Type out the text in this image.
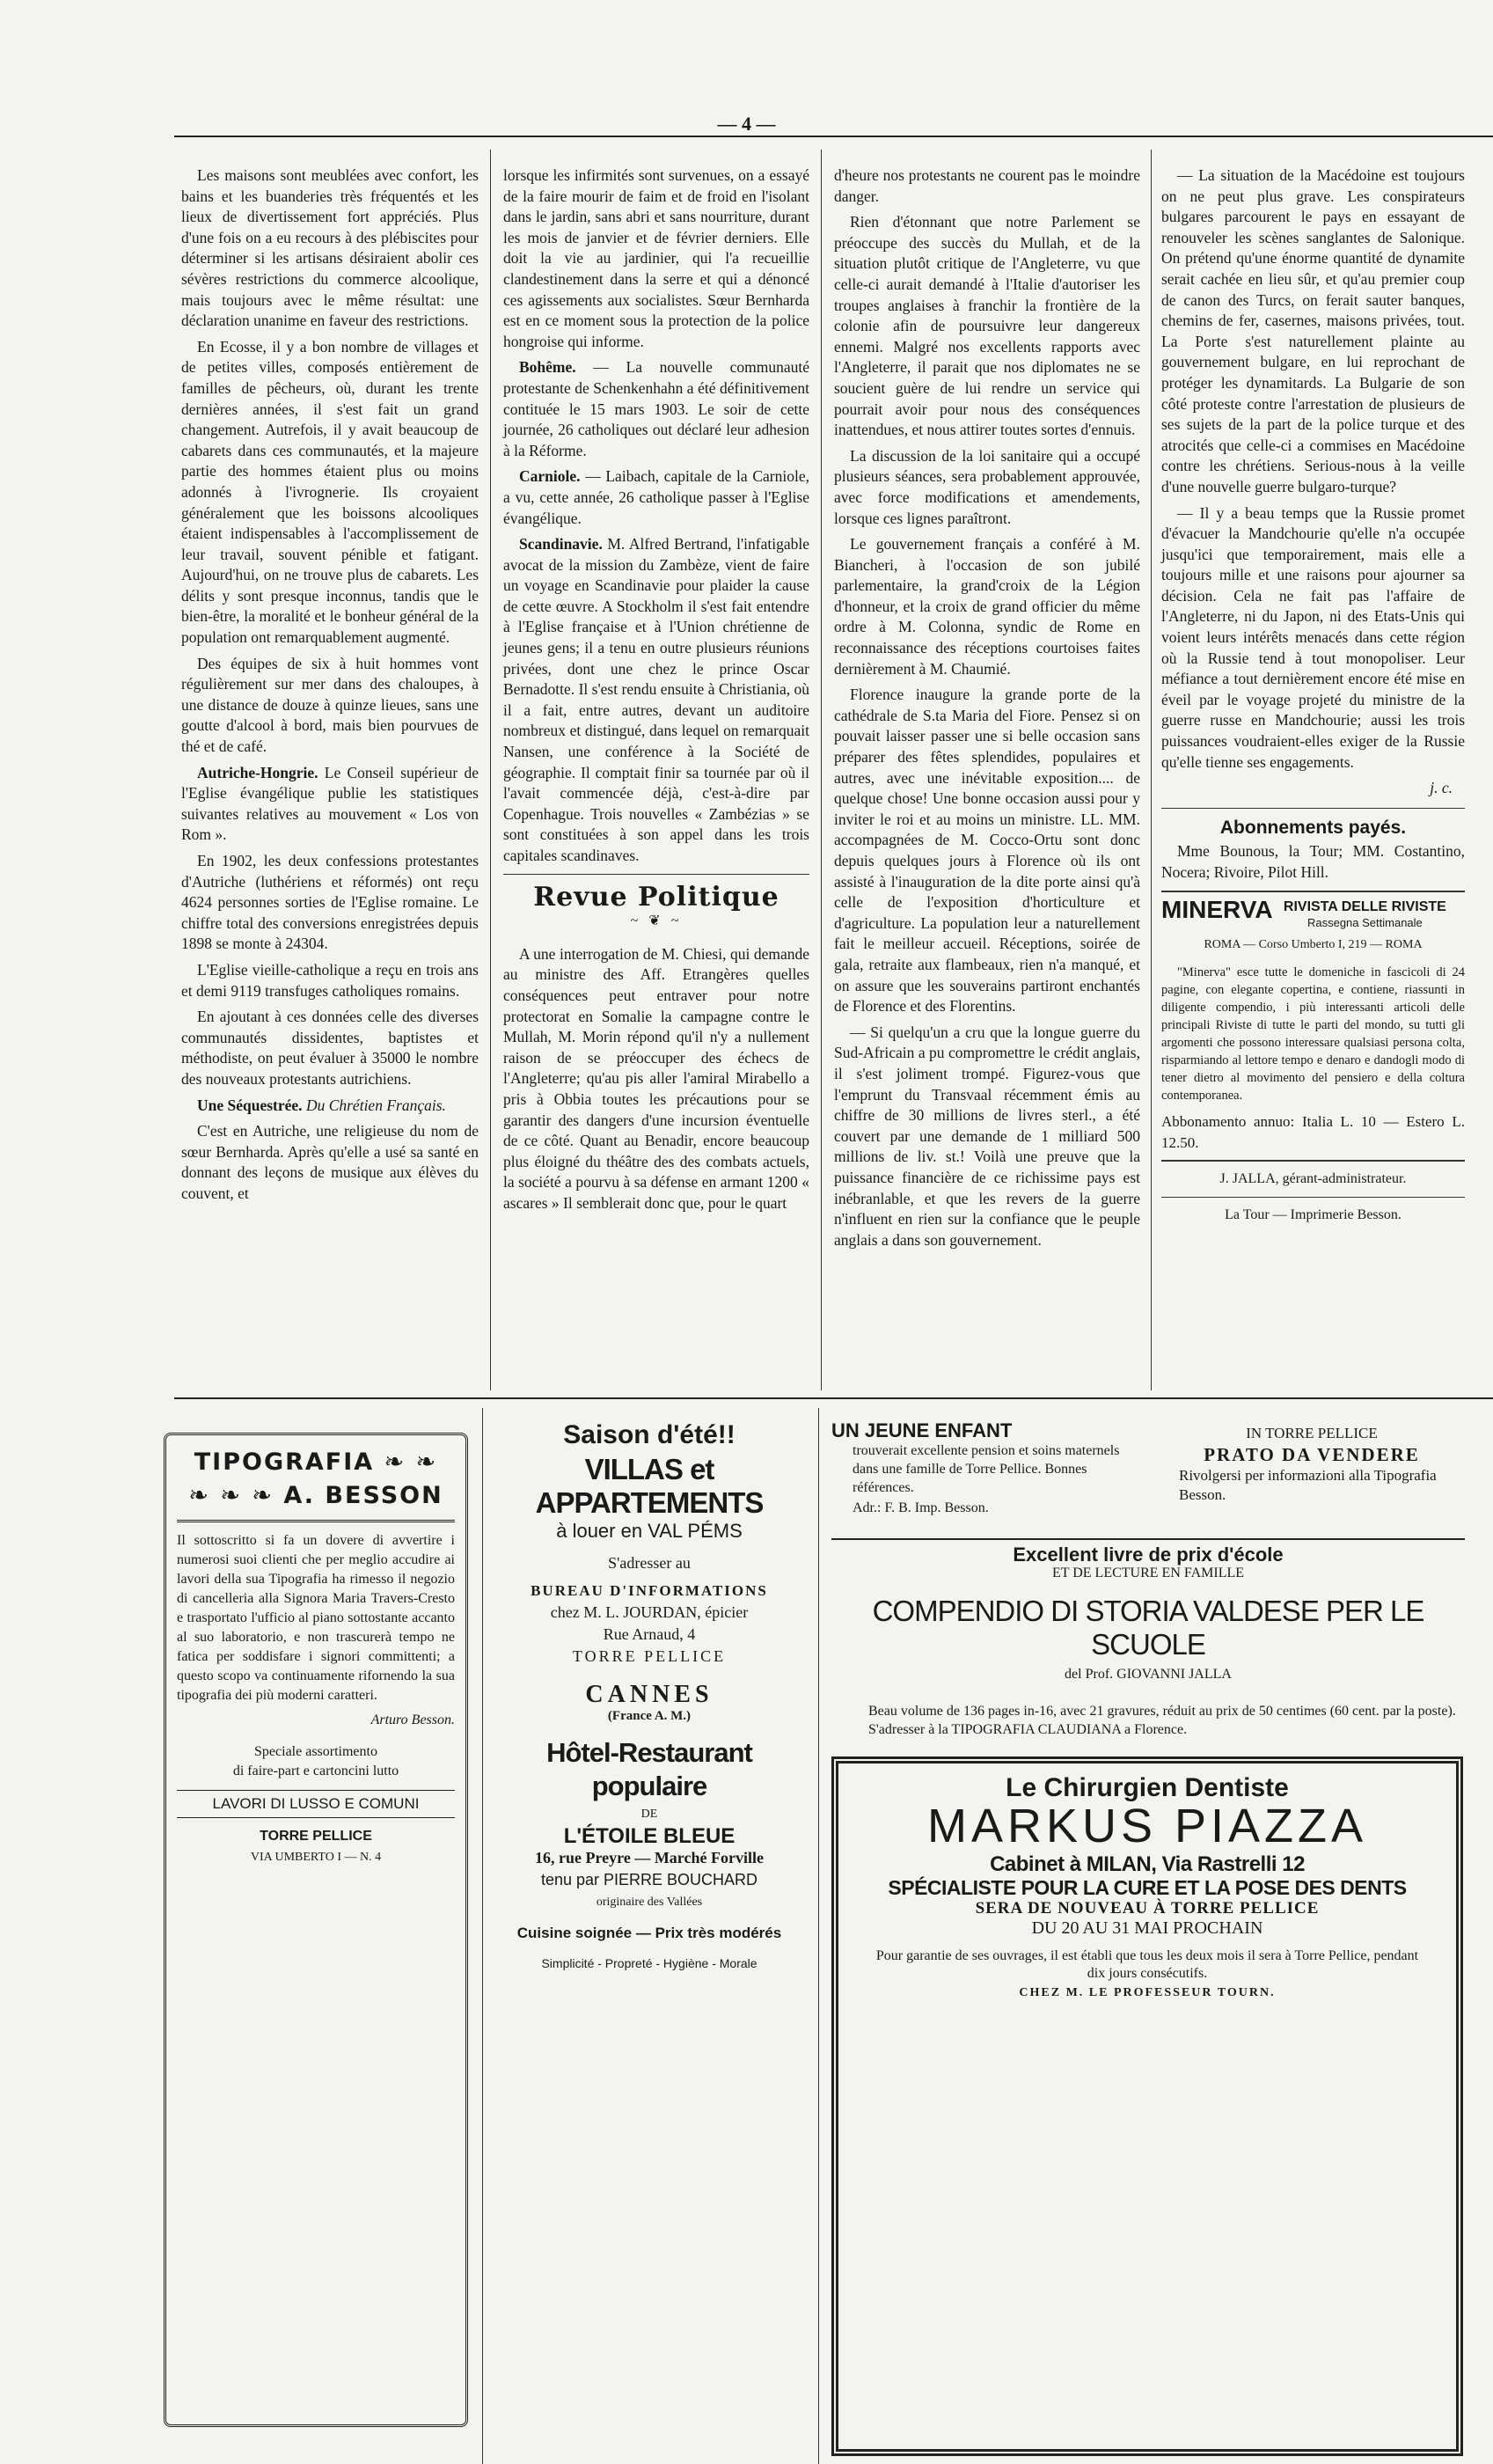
— 4 —

Les maisons sont meublées avec confort, les bains et les buanderies très fréquentés et les lieux de divertissement fort appréciés. Plus d'une fois on a eu recours à des plébiscites pour déterminer si les artisans désiraient abolir ces sévères restrictions du commerce alcoolique, mais toujours avec le même résultat: une déclaration unanime en faveur des restrictions.

En Ecosse, il y a bon nombre de villages et de petites villes, composés entièrement de familles de pêcheurs, où, durant les trente dernières années, il s'est fait un grand changement. Autrefois, il y avait beaucoup de cabarets dans ces communautés, et la majeure partie des hommes étaient plus ou moins adonnés à l'ivrognerie. Ils croyaient généralement que les boissons alcooliques étaient indispensables à l'accomplissement de leur travail, souvent pénible et fatigant. Aujourd'hui, on ne trouve plus de cabarets. Les délits y sont presque inconnus, tandis que le bien-être, la moralité et le bonheur général de la population ont remarquablement augmenté.

Des équipes de six à huit hommes vont régulièrement sur mer dans des chaloupes, à une distance de douze à quinze lieues, sans une goutte d'alcool à bord, mais bien pourvues de thé et de café.

Autriche-Hongrie. Le Conseil supérieur de l'Eglise évangélique publie les statistiques suivantes relatives au mouvement « Los von Rom ».

En 1902, les deux confessions protestantes d'Autriche (luthériens et réformés) ont reçu 4624 personnes sorties de l'Eglise romaine. Le chiffre total des conversions enregistrées depuis 1898 se monte à 24304.

L'Eglise vieille-catholique a reçu en trois ans et demi 9119 transfuges catholiques romains.

En ajoutant à ces données celle des diverses communautés dissidentes, baptistes et méthodiste, on peut évaluer à 35000 le nombre des nouveaux protestants autrichiens.

Une Séquestrée. Du Chrétien Français.

C'est en Autriche, une religieuse du nom de sœur Bernharda. Après qu'elle a usé sa santé en donnant des leçons de musique aux élèves du couvent, et

lorsque les infirmités sont survenues, on a essayé de la faire mourir de faim et de froid en l'isolant dans le jardin, sans abri et sans nourriture, durant les mois de janvier et de février derniers. Elle doit la vie au jardinier, qui l'a recueillie clandestinement dans la serre et qui a dénoncé ces agissements aux socialistes. Sœur Bernharda est en ce moment sous la protection de la police hongroise qui informe.

Bohême. — La nouvelle communauté protestante de Schenkenhahn a été définitivement contituée le 15 mars 1903. Le soir de cette journée, 26 catholiques out déclaré leur adhesion à la Réforme.

Carniole. — Laibach, capitale de la Carniole, a vu, cette année, 26 catholique passer à l'Eglise évangélique.

Scandinavie. M. Alfred Bertrand, l'infatigable avocat de la mission du Zambèze, vient de faire un voyage en Scandinavie pour plaider la cause de cette œuvre. A Stockholm il s'est fait entendre à l'Eglise française et à l'Union chrétienne de jeunes gens; il a tenu en outre plusieurs réunions privées, dont une chez le prince Oscar Bernadotte. Il s'est rendu ensuite à Christiania, où il a fait, entre autres, devant un auditoire nombreux et distingué, dans lequel on remarquait Nansen, une conférence à la Société de géographie. Il comptait finir sa tournée par où il l'avait commencée déjà, c'est-à-dire par Copenhague. Trois nouvelles « Zambézias » se sont constituées à son appel dans les trois capitales scandinaves.

Revue Politique
~ ❦ ~

A une interrogation de M. Chiesi, qui demande au ministre des Aff. Etrangères quelles conséquences peut entraver pour notre protectorat en Somalie la campagne contre le Mullah, M. Morin répond qu'il n'y a nullement raison de se préoccuper des échecs de l'Angleterre; qu'au pis aller l'amiral Mirabello a pris à Obbia toutes les précautions pour se garantir des dangers d'une incursion éventuelle de ce côté. Quant au Benadir, encore beaucoup plus éloigné du théâtre des des combats actuels, la société a pourvu à sa défense en armant 1200 « ascares » Il semblerait donc que, pour le quart

d'heure nos protestants ne courent pas le moindre danger.

Rien d'étonnant que notre Parlement se préoccupe des succès du Mullah, et de la situation plutôt critique de l'Angleterre, vu que celle-ci aurait demandé à l'Italie d'autoriser les troupes anglaises à franchir la frontière de la colonie afin de poursuivre leur dangereux ennemi. Malgré nos excellents rapports avec l'Angleterre, il parait que nos diplomates ne se soucient guère de lui rendre un service qui pourrait avoir pour nous des conséquences inattendues, et nous attirer toutes sortes d'ennuis.

La discussion de la loi sanitaire qui a occupé plusieurs séances, sera probablement approuvée, avec force modifications et amendements, lorsque ces lignes paraîtront.

Le gouvernement français a conféré à M. Biancheri, à l'occasion de son jubilé parlementaire, la grand'croix de la Légion d'honneur, et la croix de grand officier du même ordre à M. Colonna, syndic de Rome en reconnaissance des réceptions courtoises faites dernièrement à M. Chaumié.

Florence inaugure la grande porte de la cathédrale de S.ta Maria del Fiore. Pensez si on pouvait laisser passer une si belle occasion sans préparer des fêtes splendides, populaires et autres, avec une inévitable exposition.... de quelque chose! Une bonne occasion aussi pour y inviter le roi et au moins un ministre. LL. MM. accompagnées de M. Cocco-Ortu sont donc depuis quelques jours à Florence où ils ont assisté à l'inauguration de la dite porte ainsi qu'à celle de l'exposition d'horticulture et d'agriculture. La population leur a naturellement fait le meilleur accueil. Réceptions, soirée de gala, retraite aux flambeaux, rien n'a manqué, et on assure que les souverains partiront enchantés de Florence et des Florentins.

— Si quelqu'un a cru que la longue guerre du Sud-Africain a pu compromettre le crédit anglais, il s'est joliment trompé. Figurez-vous que l'emprunt du Transvaal récemment émis au chiffre de 30 millions de livres sterl., a été couvert par une demande de 1 milliard 500 millions de liv. st.! Voilà une preuve que la puissance financière de ce richissime pays est inébranlable, et que les revers de la guerre n'influent en rien sur la confiance que le peuple anglais a dans son gouvernement.

— La situation de la Macédoine est toujours on ne peut plus grave. Les conspirateurs bulgares parcourent le pays en essayant de renouveler les scènes sanglantes de Salonique. On prétend qu'une énorme quantité de dynamite serait cachée en lieu sûr, et qu'au premier coup de canon des Turcs, on ferait sauter banques, chemins de fer, casernes, maisons privées, tout. La Porte s'est naturellement plainte au gouvernement bulgare, en lui reprochant de protéger les dynamitards. La Bulgarie de son côté proteste contre l'arrestation de plusieurs de ses sujets de la part de la police turque et des atrocités que celle-ci a commises en Macédoine contre les chrétiens. Serious-nous à la veille d'une nouvelle guerre bulgaro-turque?

— Il y a beau temps que la Russie promet d'évacuer la Mandchourie qu'elle n'a occupée jusqu'ici que temporairement, mais elle a toujours mille et une raisons pour ajourner sa décision. Cela ne fait pas l'affaire de l'Angleterre, ni du Japon, ni des Etats-Unis qui voient leurs intérêts menacés dans cette région où la Russie tend à tout monopoliser. Leur méfiance a tout dernièrement encore été mise en éveil par le voyage projeté du ministre de la guerre russe en Mandchourie; aussi les trois puissances voudraient-elles exiger de la Russie qu'elle tienne ses engagements.

j. c.
Abonnements payés.

Mme Bounous, la Tour; MM. Costantino, Nocera; Rivoire, Pilot Hill.

MINERVA RIVISTA DELLE RIVISTE
Rassegna Settimanale
ROMA — Corso Umberto I, 219 — ROMA

"Minerva" esce tutte le domeniche in fascicoli di 24 pagine, con elegante copertina, e contiene, riassunti in diligente compendio, i più interessanti articoli delle principali Riviste di tutte le parti del mondo, su tutti gli argomenti che possono interessare qualsiasi persona colta, risparmiando al lettore tempo e denaro e dandogli modo di tener dietro al movimento del pensiero e della coltura contemporanea.

Abbonamento annuo: Italia L. 10 — Estero L. 12.50.
J. JALLA, gérant-administrateur.
La Tour — Imprimerie Besson.
TIPOGRAFIA ❧ ❧
❧ ❧ ❧ A. BESSON
Il sottoscritto si fa un dovere di avvertire i numerosi suoi clienti che per meglio accudire ai lavori della sua Tipografia ha rimesso il negozio di cancelleria alla Signora Maria Travers-Cresto e trasportato l'ufficio al piano sottostante accanto al suo laboratorio, e non trascurerà tempo ne fatica per soddisfare i signori committenti; a questo scopo va continuamente rifornendo la sua tipografia dei più moderni caratteri.
Arturo Besson.
Speciale assortimento
di faire-part e cartoncini lutto
LAVORI DI LUSSO E COMUNI
TORRE PELLICE
VIA UMBERTO I — N. 4
Saison d'été!!
VILLAS et APPARTEMENTS
à louer en VAL PÉMS
S'adresser au
BUREAU D'INFORMATIONS
chez M. L. JOURDAN, épicier
Rue Arnaud, 4
TORRE PELLICE
CANNES
(France A. M.)
Hôtel-Restaurant populaire
DE
L'ÉTOILE BLEUE
16, rue Preyre — Marché Forville
tenu par PIERRE BOUCHARD
originaire des Vallées
Cuisine soignée — Prix très modérés
Simplicité - Propreté - Hygiène - Morale
UN JEUNE ENFANT

trouverait excellente pension et soins maternels dans une famille de Torre Pellice. Bonnes références.

Adr.: F. B. Imp. Besson.

IN TORRE PELLICE
PRATO DA VENDERE

Rivolgersi per informazioni alla Tipografia Besson.

Excellent livre de prix d'école
ET DE LECTURE EN FAMILLE
COMPENDIO DI STORIA VALDESE PER LE SCUOLE
del Prof. GIOVANNI JALLA
Beau volume de 136 pages in-16, avec 21 gravures, réduit au prix de 50 centimes (60 cent. par la poste).
S'adresser à la TIPOGRAFIA CLAUDIANA a Florence.
Le Chirurgien Dentiste
MARKUS PIAZZA
Cabinet à MILAN, Via Rastrelli 12
SPÉCIALISTE POUR LA CURE ET LA POSE DES DENTS
SERA DE NOUVEAU À TORRE PELLICE
DU 20 AU 31 MAI PROCHAIN
Pour garantie de ses ouvrages, il est établi que tous les deux mois il sera à Torre Pellice, pendant dix jours consécutifs.
CHEZ M. LE PROFESSEUR TOURN.
